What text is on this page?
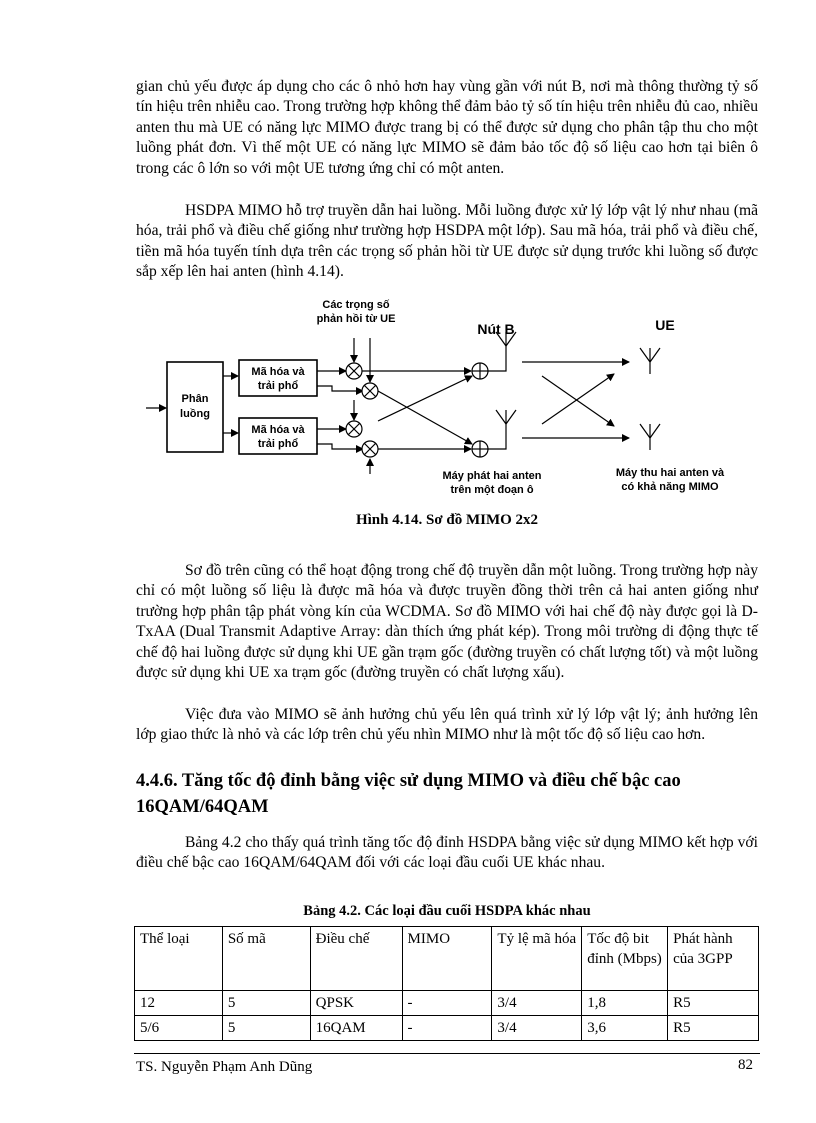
gian chủ yếu được áp dụng cho các ô nhỏ hơn hay vùng gần với nút B, nơi mà thông thường tỷ số tín hiệu trên nhiễu cao. Trong trường hợp không thể đảm bảo tỷ số tín hiệu trên nhiễu đủ cao, nhiều anten thu mà UE có năng lực MIMO được trang bị có thể được sử dụng cho phân tập thu cho một luồng phát đơn. Vì thế một UE có năng lực MIMO sẽ đảm bảo tốc độ số liệu cao hơn tại biên ô trong các ô lớn so với một UE tương ứng chỉ có một anten.

HSDPA MIMO hỗ trợ truyền dẫn hai luồng. Mỗi luồng được xử lý lớp vật lý như nhau (mã hóa, trải phổ và điều chế giống như trường hợp HSDPA một lớp). Sau mã hóa, trải phổ và điều chế, tiền mã hóa tuyến tính dựa trên các trọng số phản hồi từ UE được sử dụng trước khi luồng số được sắp xếp lên hai anten (hình 4.14).

Các trọng số
phản hồi từ UE
Nút B	UE
Phân
luồng
Mã hóa và
trải phổ
Mã hóa và
trải phổ
Máy phát hai anten
trên một đoạn ô
Máy thu hai anten và
có khả năng MIMO
Hình 4.14. Sơ đồ MIMO 2x2

Sơ đồ trên cũng có thể hoạt động trong chế độ truyền dẫn một luồng. Trong trường hợp này chỉ có một luồng số liệu là được mã hóa và được truyền đồng thời trên cả hai anten giống như trường hợp phân tập phát vòng kín của WCDMA. Sơ đồ MIMO với hai chế độ này được gọi là D-TxAA (Dual Transmit Adaptive Array: dàn thích ứng phát kép). Trong môi trường di động thực tế chế độ hai luồng được sử dụng khi UE gần trạm gốc (đường truyền có chất lượng tốt) và một luồng được sử dụng khi UE xa trạm gốc (đường truyền có chất lượng xấu).

Việc đưa vào MIMO sẽ ảnh hưởng chủ yếu lên quá trình xử lý lớp vật lý; ảnh hưởng lên lớp giao thức là nhỏ và các lớp trên chủ yếu nhìn MIMO như là một tốc độ số liệu cao hơn.

4.4.6. Tăng tốc độ đỉnh bằng việc sử dụng MIMO và điều chế bậc cao 16QAM/64QAM

Bảng 4.2 cho thấy quá trình tăng tốc độ đỉnh HSDPA bằng việc sử dụng MIMO kết hợp với điều chế bậc cao 16QAM/64QAM đối với các loại đầu cuối UE khác nhau.

Bảng 4.2. Các loại đầu cuối HSDPA khác nhau
Thể loại	Số mã	Điều chế	MIMO	Tỷ lệ mã hóa	Tốc độ bit đỉnh (Mbps)	Phát hành của 3GPP
12	5	QPSK	-	3/4	1,8	R5
5/6	5	16QAM	-	3/4	3,6	R5
TS. Nguyễn Phạm Anh Dũng	82
